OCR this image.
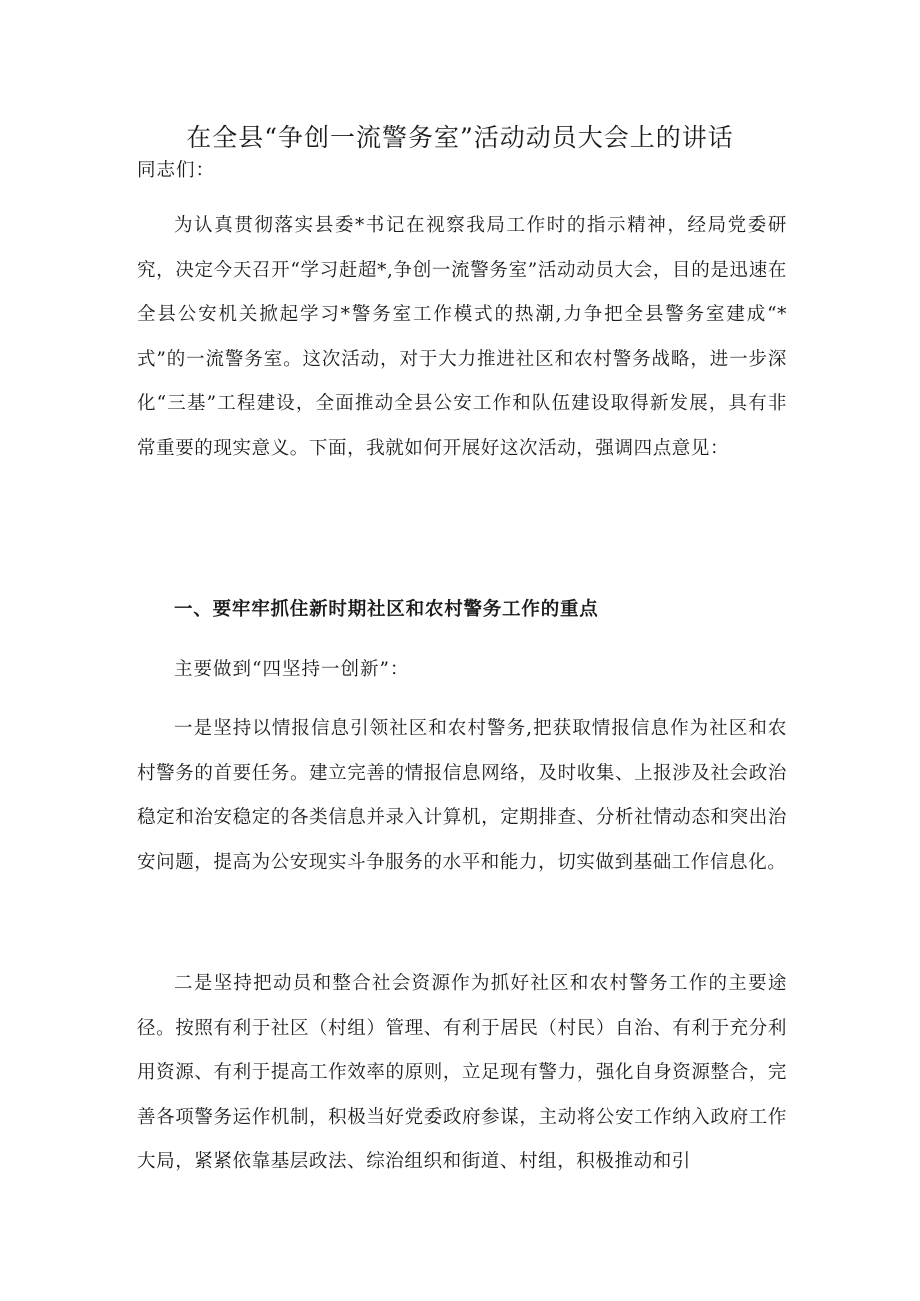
在全县“争创一流警务室”活动动员大会上的讲话
同志们：

为认真贯彻落实县委*书记在视察我局工作时的指示精神，经局党委研究，决定今天召开“学习赶超*,争创一流警务室”活动动员大会，目的是迅速在全县公安机关掀起学习*警务室工作模式的热潮,力争把全县警务室建成“*式”的一流警务室。这次活动，对于大力推进社区和农村警务战略，进一步深化“三基”工程建设，全面推动全县公安工作和队伍建设取得新发展，具有非常重要的现实意义。下面，我就如何开展好这次活动，强调四点意见：

一、要牢牢抓住新时期社区和农村警务工作的重点
主要做到“四坚持一创新”：

一是坚持以情报信息引领社区和农村警务,把获取情报信息作为社区和农村警务的首要任务。建立完善的情报信息网络，及时收集、上报涉及社会政治稳定和治安稳定的各类信息并录入计算机，定期排查、分析社情动态和突出治安问题，提高为公安现实斗争服务的水平和能力，切实做到基础工作信息化。

二是坚持把动员和整合社会资源作为抓好社区和农村警务工作的主要途径。按照有利于社区（村组）管理、有利于居民（村民）自治、有利于充分利用资源、有利于提高工作效率的原则，立足现有警力，强化自身资源整合，完善各项警务运作机制，积极当好党委政府参谋，主动将公安工作纳入政府工作大局，紧紧依靠基层政法、综治组织和街道、村组，积极推动和引
